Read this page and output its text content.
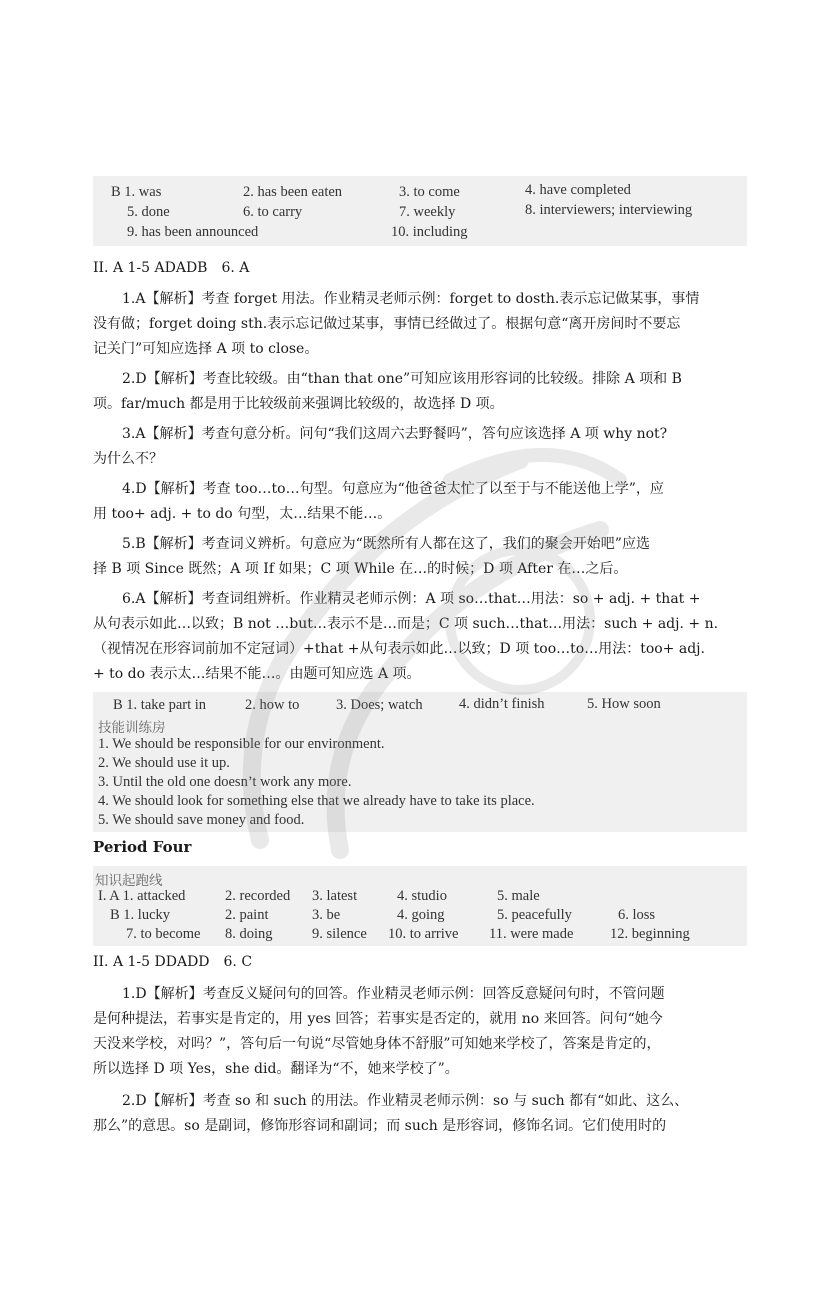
B 1. was	2. has been eaten	3. to come	4. have completed
5. done	6. to carry	7. weekly	8. interviewers; interviewing
9. has been announced	10. including
II. A 1-5 ADADB　6. A
1.A【解析】考查 forget 用法。作业精灵老师示例：forget to dosth.表示忘记做某事，事情
没有做；forget doing sth.表示忘记做过某事，事情已经做过了。根据句意“离开房间时不要忘
记关门”可知应选择 A 项 to close。
2.D【解析】考查比较级。由“than that one”可知应该用形容词的比较级。排除 A 项和 B
项。far/much 都是用于比较级前来强调比较级的，故选择 D 项。
3.A【解析】考查句意分析。问句“我们这周六去野餐吗”，答句应该选择 A 项 why not?
为什么不？
4.D【解析】考查 too…to…句型。句意应为“他爸爸太忙了以至于与不能送他上学”，应
用 too+ adj. + to do 句型，太…结果不能…。
5.B【解析】考查词义辨析。句意应为“既然所有人都在这了，我们的聚会开始吧”应选
择 B 项 Since 既然；A 项 If 如果；C 项 While 在…的时候；D 项 After 在…之后。
6.A【解析】考查词组辨析。作业精灵老师示例：A 项 so…that…用法：so + adj. + that +
从句表示如此…以致；B not …but…表示不是…而是；C 项 such…that…用法：such + adj. + n.
（视情况在形容词前加不定冠词）+that +从句表示如此…以致；D 项 too…to…用法：too+ adj.
+ to do 表示太…结果不能…。由题可知应选 A 项。
B 1. take part in	2. how to	3. Does; watch	4. didn’t finish	5. How soon
技能训练房
1. We should be responsible for our environment.
2. We should use it up.
3. Until the old one doesn’t work any more.
4. We should look for something else that we already have to take its place.
5. We should save money and food.
Period Four
知识起跑线
I. A 1. attacked	2. recorded 3. latest	4. studio	5. male
B 1. lucky	2. paint	3. be	4. going	5. peacefully	6. loss
7. to become 8. doing	9. silence 10. to arrive 11. were made	12. beginning
II. A 1-5 DDADD　6. C
1.D【解析】考查反义疑问句的回答。作业精灵老师示例：回答反意疑问句时，不管问题
是何种提法，若事实是肯定的，用 yes 回答；若事实是否定的，就用 no 来回答。问句“她今
天没来学校，对吗？”，答句后一句说“尽管她身体不舒服”可知她来学校了，答案是肯定的，
所以选择 D 项 Yes，she did。翻译为“不，她来学校了”。
2.D【解析】考查 so 和 such 的用法。作业精灵老师示例：so 与 such 都有“如此、这么、
那么”的意思。so 是副词，修饰形容词和副词；而 such 是形容词，修饰名词。它们使用时的
